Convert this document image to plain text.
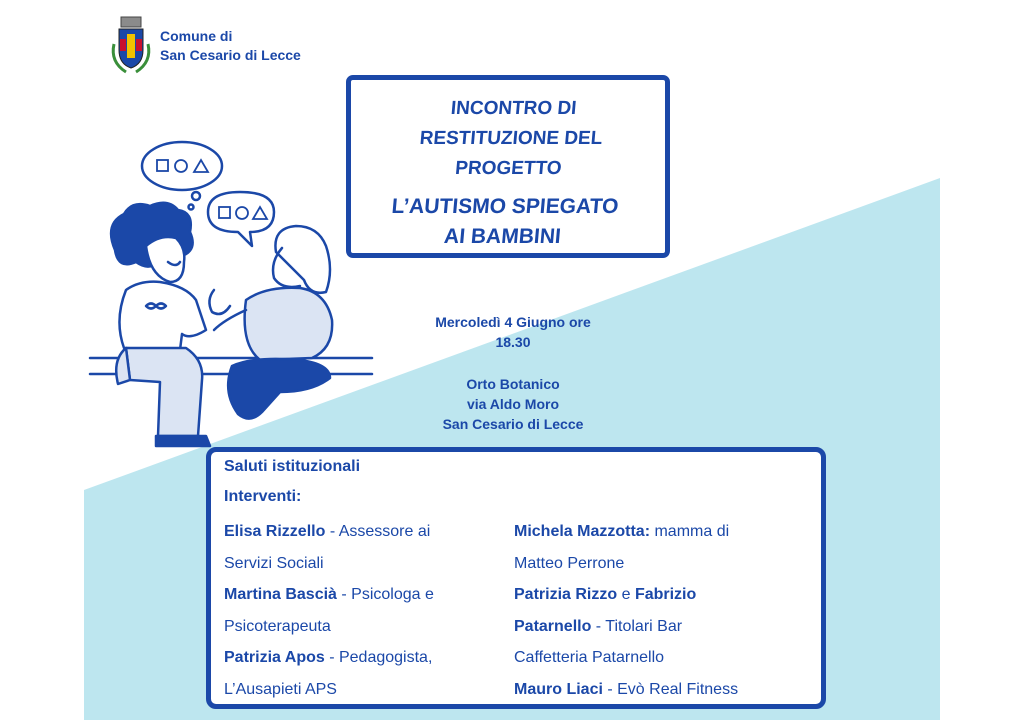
Comune di
San Cesario di Lecce
INCONTRO DI
RESTITUZIONE DEL
PROGETTO
L’AUTISMO SPIEGATO
AI BAMBINI
Mercoledì 4 Giugno ore
18.30
Orto Botanico
via Aldo Moro
San Cesario di Lecce
Saluti istituzionali
Interventi:
Elisa Rizzello - Assessore ai
Servizi Sociali
Martina Bascià - Psicologa e
Psicoterapeuta
Patrizia Apos - Pedagogista,
L’Ausapieti APS
Michela Mazzotta: mamma di
Matteo Perrone
Patrizia Rizzo e Fabrizio
Patarnello - Titolari Bar
Caffetteria Patarnello
Mauro Liaci - Evò Real Fitness
